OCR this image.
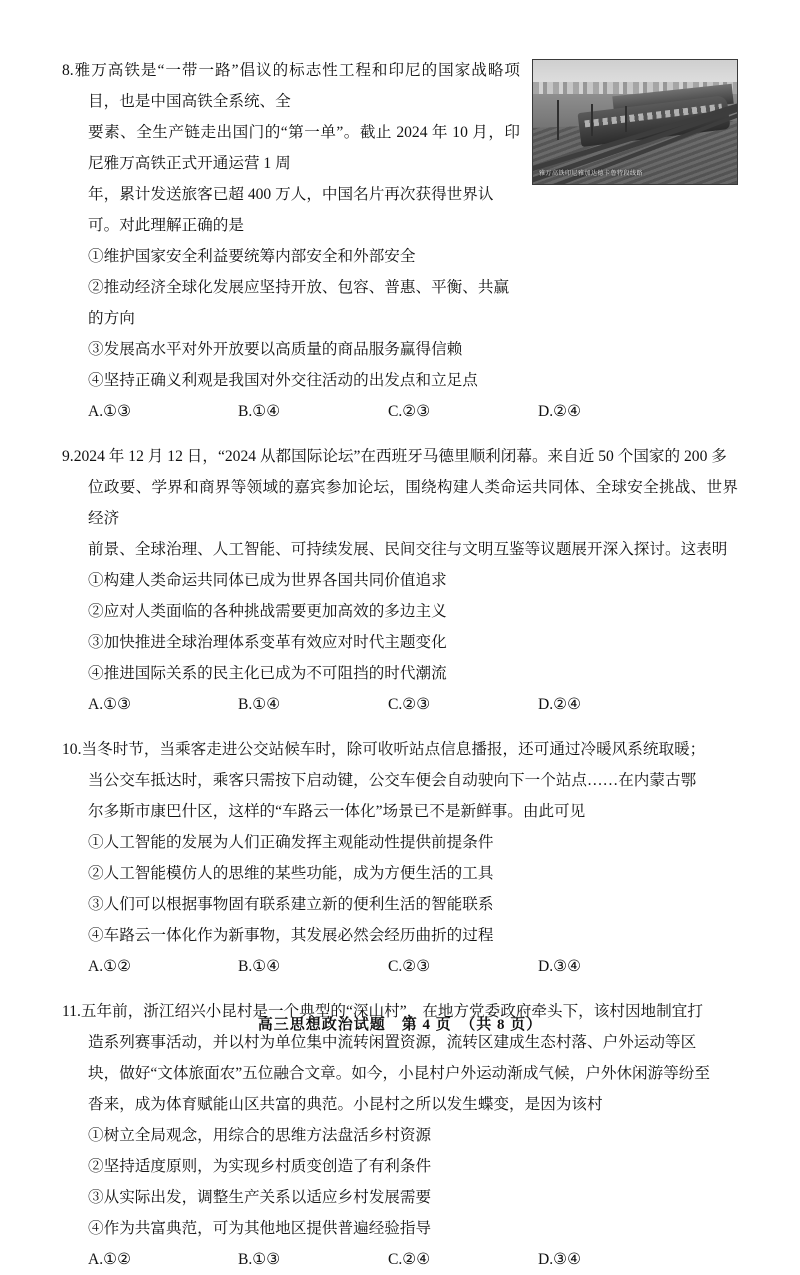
雅万高铁印尼雅加达德卡鲁特段线路
8.雅万高铁是“一带一路”倡议的标志性工程和印尼的国家战略项目，也是中国高铁全系统、全
要素、全生产链走出国门的“第一单”。截止 2024 年 10 月，印尼雅万高铁正式开通运营 1 周
年，累计发送旅客已超 400 万人，中国名片再次获得世界认
可。对此理解正确的是
①维护国家安全利益要统筹内部安全和外部安全
②推动经济全球化发展应坚持开放、包容、普惠、平衡、共赢
的方向
③发展高水平对外开放要以高质量的商品服务赢得信赖
④坚持正确义利观是我国对外交往活动的出发点和立足点
A.①③	B.①④	C.②③	D.②④
9.2024 年 12 月 12 日，“2024 从都国际论坛”在西班牙马德里顺利闭幕。来自近 50 个国家的 200 多
位政要、学界和商界等领域的嘉宾参加论坛，围绕构建人类命运共同体、全球安全挑战、世界经济
前景、全球治理、人工智能、可持续发展、民间交往与文明互鉴等议题展开深入探讨。这表明
①构建人类命运共同体已成为世界各国共同价值追求
②应对人类面临的各种挑战需要更加高效的多边主义
③加快推进全球治理体系变革有效应对时代主题变化
④推进国际关系的民主化已成为不可阻挡的时代潮流
A.①③	B.①④	C.②③	D.②④
10.当冬时节，当乘客走进公交站候车时，除可收听站点信息播报，还可通过冷暖风系统取暖；
当公交车抵达时，乘客只需按下启动键，公交车便会自动驶向下一个站点……在内蒙古鄂
尔多斯市康巴什区，这样的“车路云一体化”场景已不是新鲜事。由此可见
①人工智能的发展为人们正确发挥主观能动性提供前提条件
②人工智能模仿人的思维的某些功能，成为方便生活的工具
③人们可以根据事物固有联系建立新的便利生活的智能联系
④车路云一体化作为新事物，其发展必然会经历曲折的过程
A.①②	B.①④	C.②③	D.③④
11.五年前，浙江绍兴小昆村是一个典型的“深山村”，在地方党委政府牵头下，该村因地制宜打
造系列赛事活动，并以村为单位集中流转闲置资源，流转区建成生态村落、户外运动等区
块，做好“文体旅面农”五位融合文章。如今，小昆村户外运动渐成气候，户外休闲游等纷至
沓来，成为体育赋能山区共富的典范。小昆村之所以发生蝶变，是因为该村
①树立全局观念，用综合的思维方法盘活乡村资源
②坚持适度原则，为实现乡村质变创造了有利条件
③从实际出发，调整生产关系以适应乡村发展需要
④作为共富典范，可为其他地区提供普遍经验指导
A.①②	B.①③	C.②④	D.③④
高三思想政治试题　第 4 页　（共 8 页）
